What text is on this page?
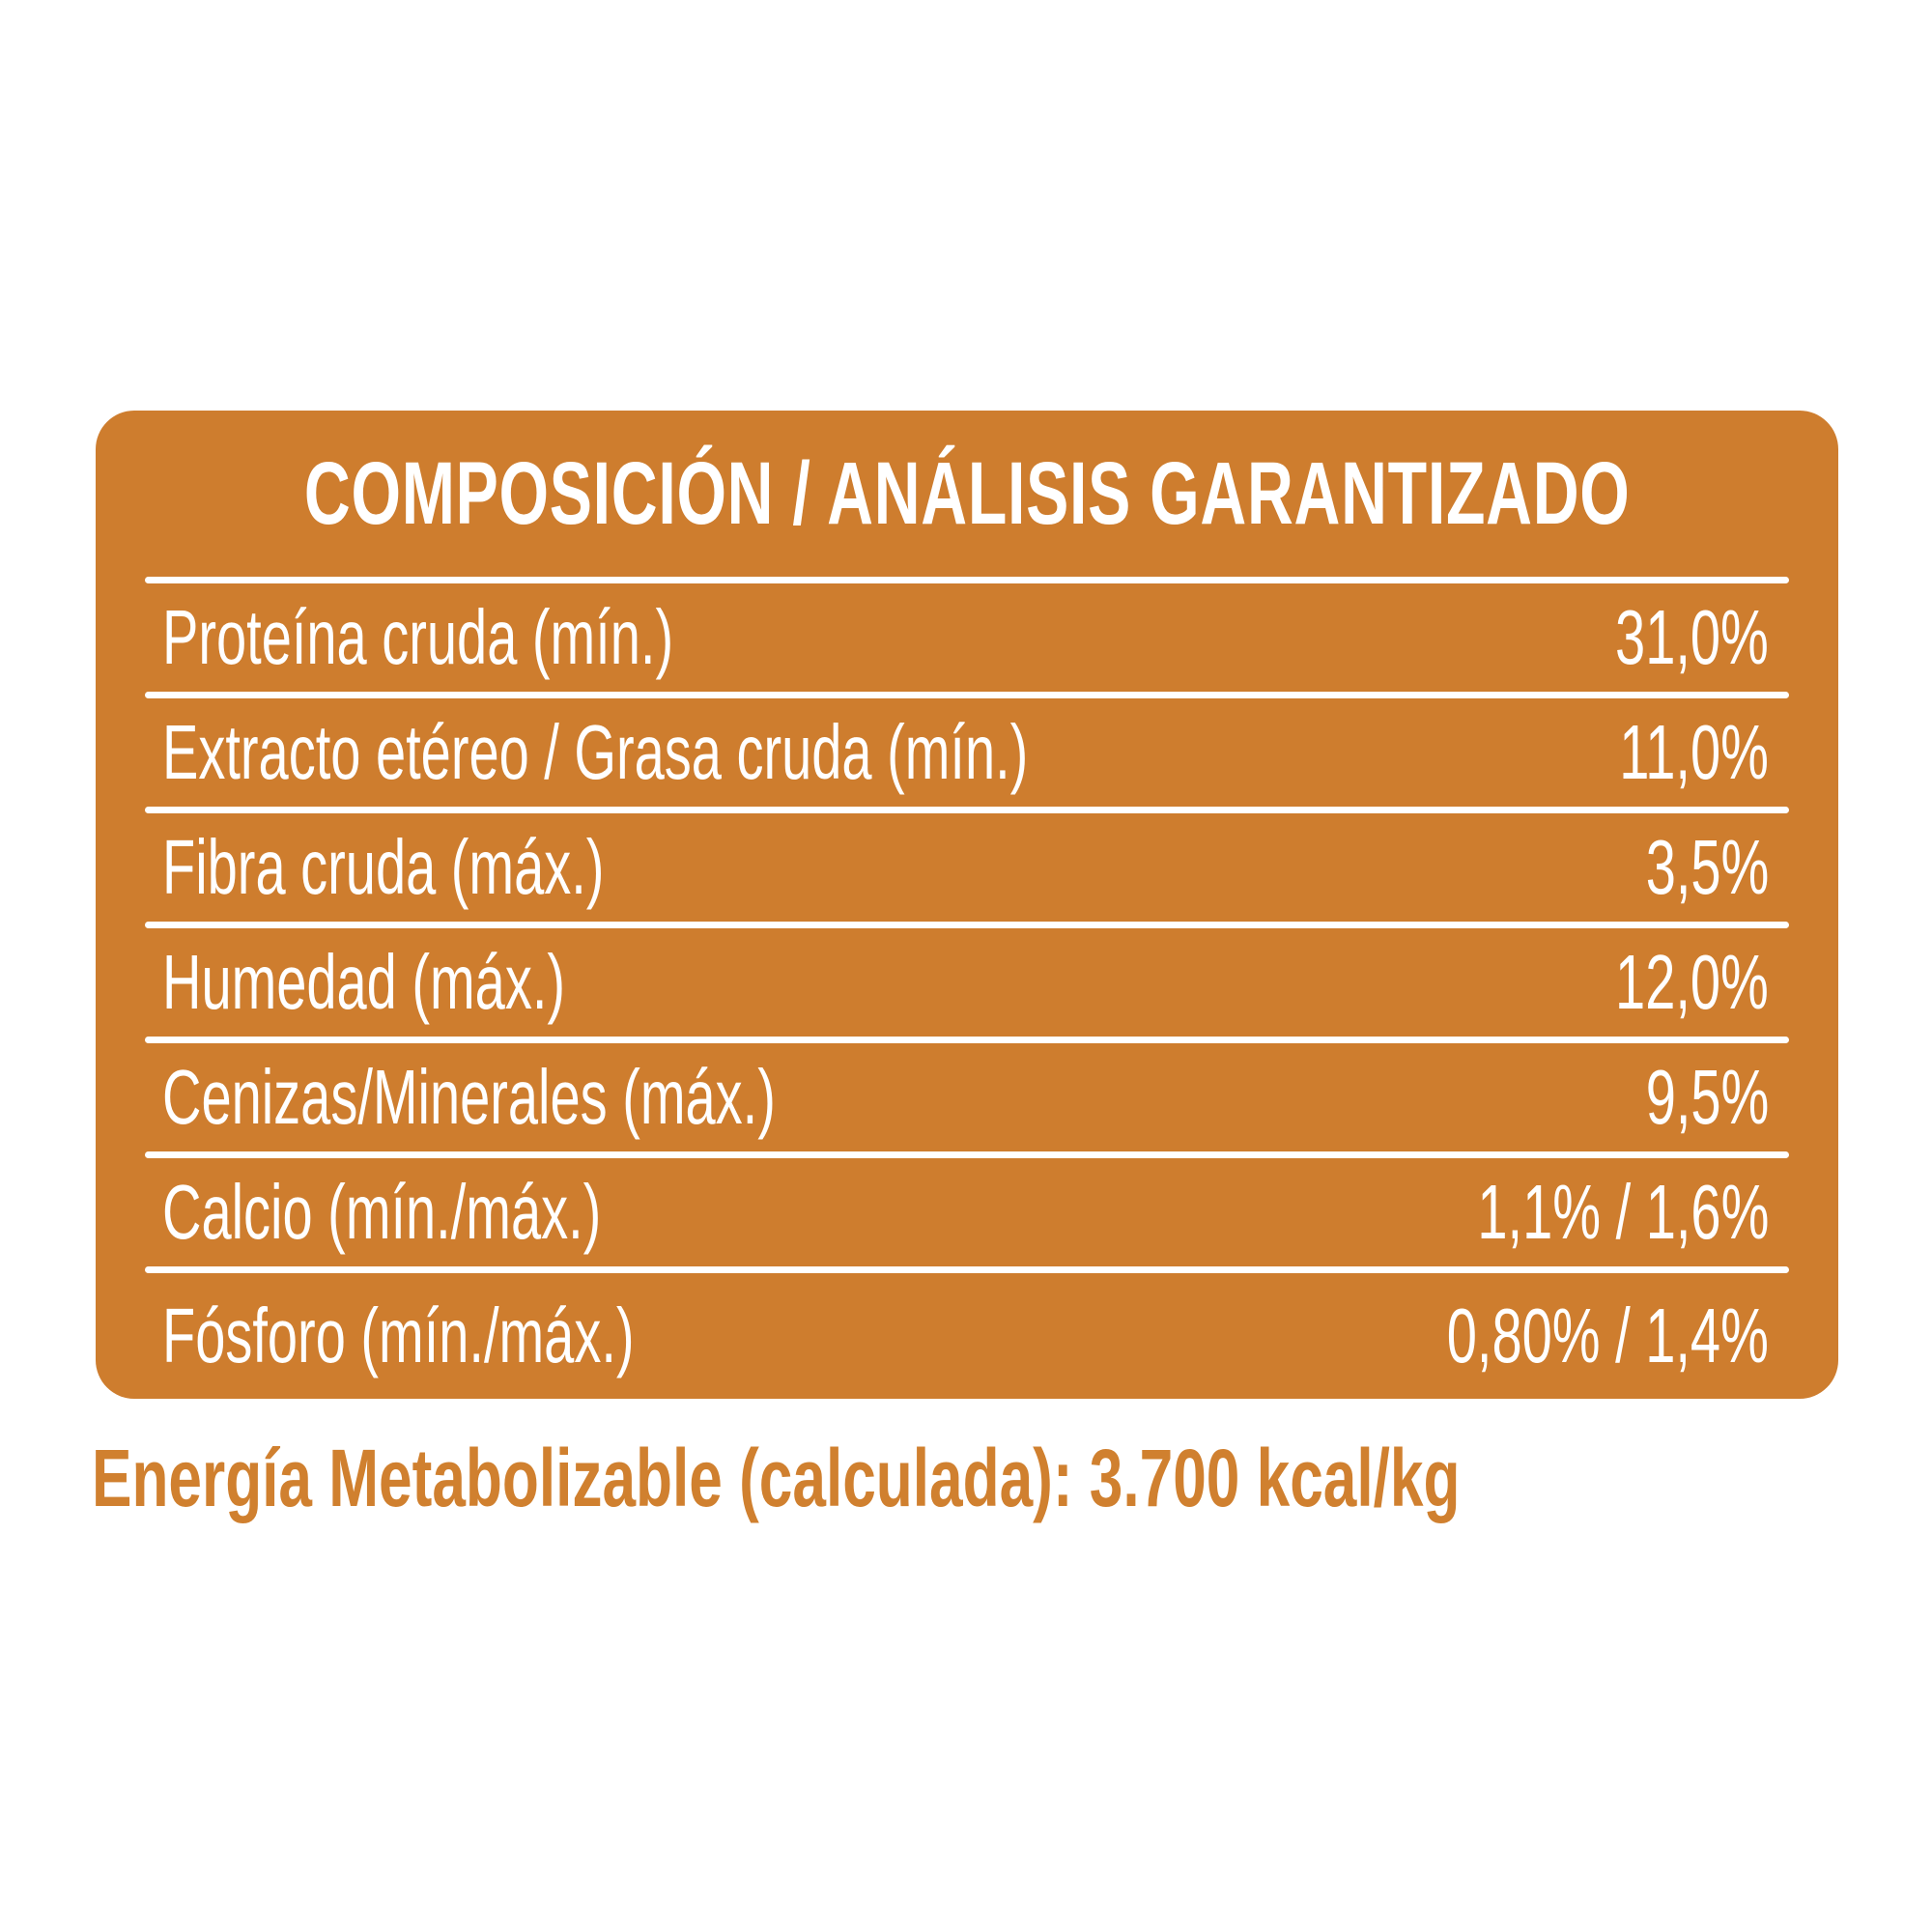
COMPOSICIÓN / ANÁLISIS GARANTIZADO
Proteína cruda (mín.)	31,0%
Extracto etéreo / Grasa cruda (mín.)	11,0%
Fibra cruda (máx.)	3,5%
Humedad (máx.)	12,0%
Cenizas/Minerales (máx.)	9,5%
Calcio (mín./máx.)	1,1% / 1,6%
Fósforo (mín./máx.)	0,80% / 1,4%
Energía Metabolizable (calculada): 3.700 kcal/kg
